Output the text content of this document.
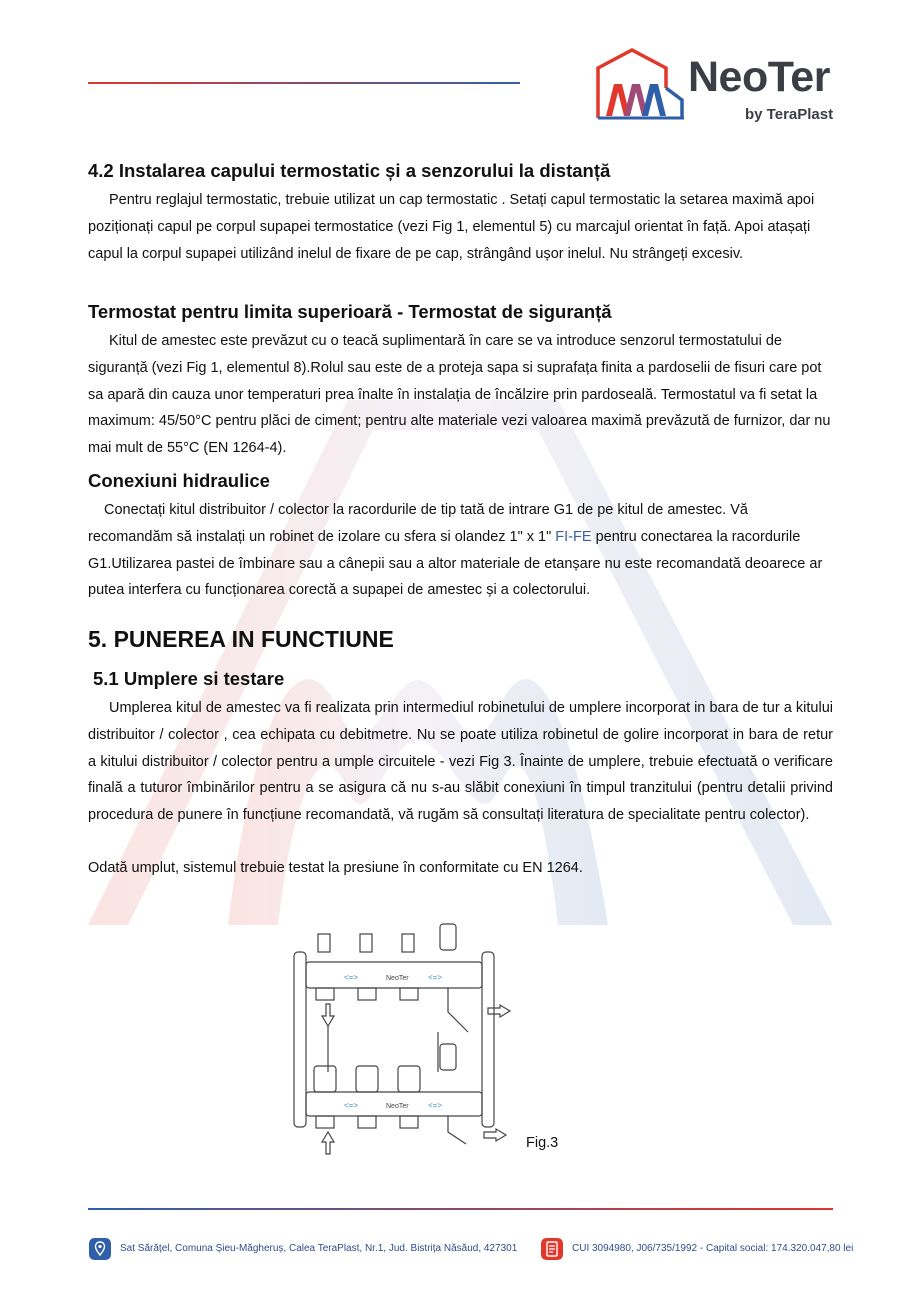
NeoTer
by TeraPlast
4.2 Instalarea capului termostatic și a senzorului la distanță

Pentru reglajul termostatic, trebuie utilizat un cap termostatic . Setați capul termostatic la setarea maximă apoi poziționați capul pe corpul supapei termostatice (vezi Fig 1, elementul 5) cu marcajul orientat în față. Apoi atașați capul la corpul supapei utilizând inelul de fixare de pe cap, strângând ușor inelul. Nu strângeți excesiv.

Termostat pentru limita superioară - Termostat de siguranță

Kitul de amestec este prevăzut cu o teacă suplimentară în care se va introduce senzorul termostatului de siguranță (vezi Fig 1, elementul 8).Rolul sau este de a proteja sapa si suprafața finita a pardoselii de fisuri care pot sa apară din cauza unor temperaturi prea înalte în instalația de încălzire prin pardoseală. Termostatul va fi setat la maximum: 45/50°C pentru plăci de ciment; pentru alte materiale vezi valoarea maximă prevăzută de furnizor, dar nu mai mult de 55°C (EN 1264-4).

Conexiuni hidraulice

Conectați kitul distribuitor / colector la racordurile de tip tată de intrare G1 de pe kitul de amestec. Vă recomandăm să instalați un robinet de izolare cu sfera si olandez 1" x 1" FI-FE pentru conectarea la racordurile G1.Utilizarea pastei de îmbinare sau a cânepii sau a altor materiale de etanșare nu este recomandată deoarece ar putea interfera cu funcționarea corectă a supapei de amestec și a colectorului.

5. PUNEREA IN FUNCTIUNE
5.1 Umplere si testare

Umplerea kitul de amestec va fi realizata prin intermediul robinetului de umplere incorporat in bara de tur a kitului distribuitor / colector , cea echipata cu debitmetre. Nu se poate utiliza robinetul de golire incorporat in bara de retur a kitului distribuitor / colector pentru a umple circuitele - vezi Fig 3. Înainte de umplere, trebuie efectuată o verificare finală a tuturor îmbinărilor pentru a se asigura că nu s-au slăbit conexiuni în timpul tranzitului (pentru detalii privind procedura de punere în funcțiune recomandată, vă rugăm să consultați literatura de specialitate pentru colector).

Odată umplut, sistemul trebuie testat la presiune în conformitate cu EN 1264.

NeoTer
<=>	<=>
NeoTer
<=>	<=>
Fig.3
Sat Sărățel, Comuna Șieu-Măgheruș, Calea TeraPlast, Nr.1, Jud. Bistrița Năsăud, 427301	CUI 3094980, J06/735/1992 - Capital social: 174.320.047,80 lei
